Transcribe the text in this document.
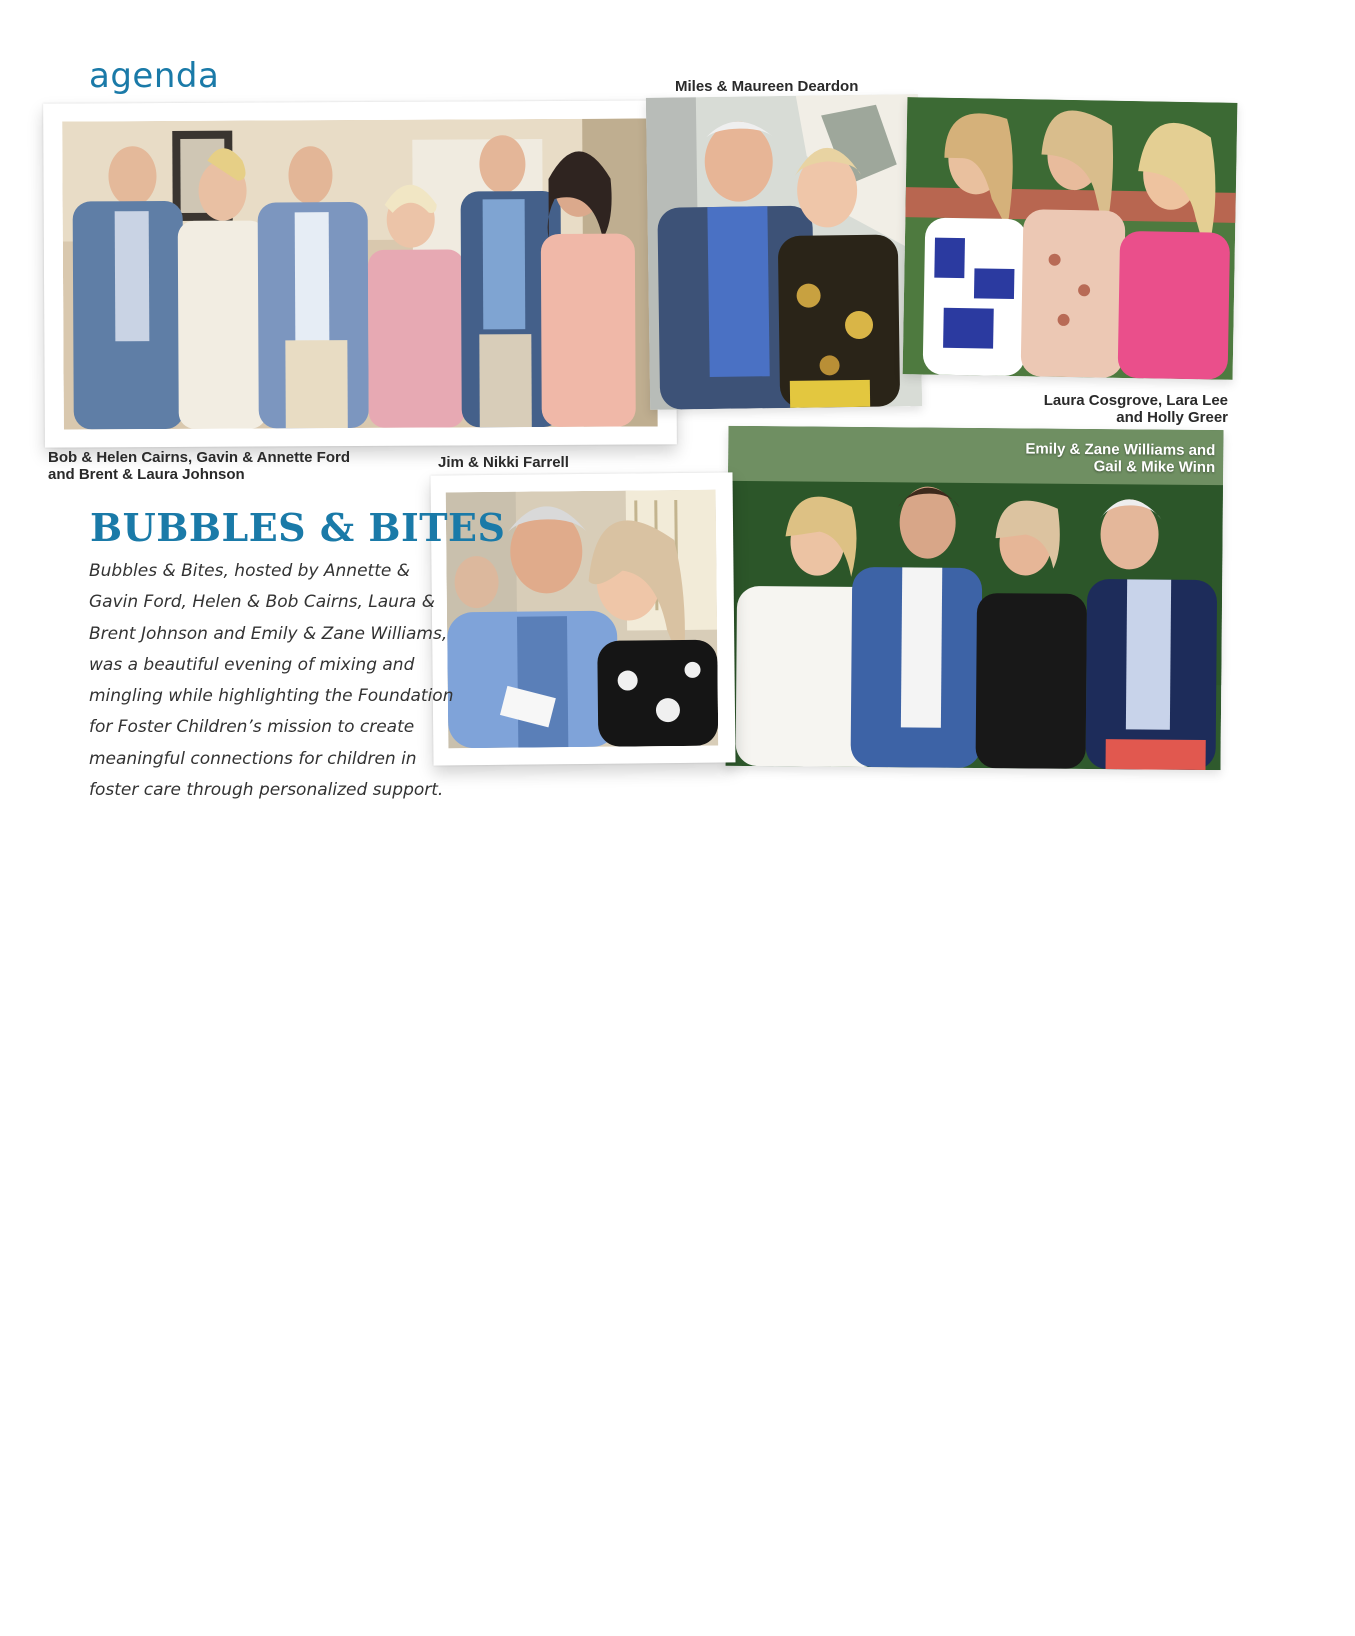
agenda	Miles & Maureen Deardon
Laura Cosgrove, Lara Lee
and Holly Greer
Bob & Helen Cairns, Gavin & Annette Ford
and Brent & Laura Johnson
Jim & Nikki Farrell
Emily & Zane Williams and
Gail & Mike Winn
BUBBLES & BITES
Bubbles & Bites, hosted by Annette & Gavin Ford, Helen & Bob Cairns, Laura & Brent Johnson and Emily & Zane Williams, was a beautiful evening of mixing and mingling while highlighting the Foundation for Foster Children’s mission to create meaningful connections for children in foster care through personalized support.
